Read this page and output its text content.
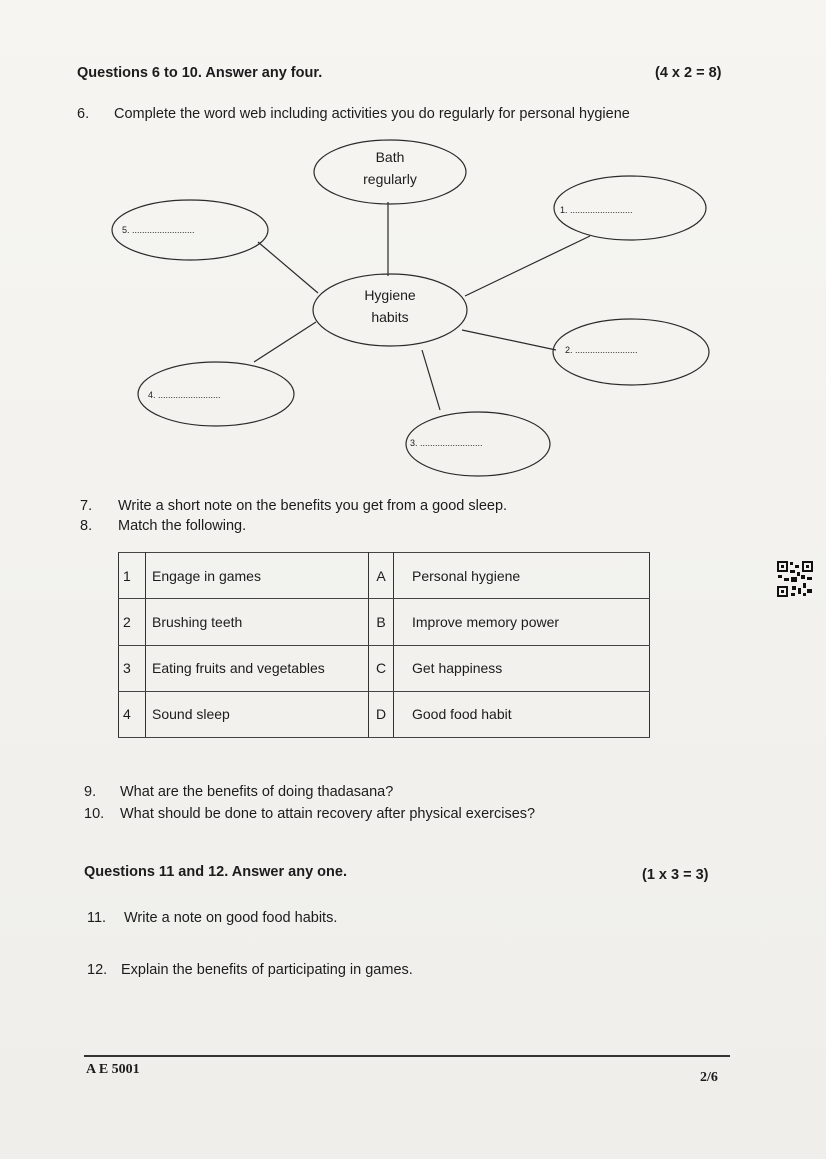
Questions 6 to 10. Answer any four.	(4 x 2 = 8)
6. Complete the word web including activities you do regularly for personal hygiene
Bath
regularly
Hygiene
habits
1. .........................
2. .........................
3. .........................
4. .........................
5. .........................
7. Write a short note on the benefits you get from a good sleep.
8. Match the following.
1	Engage in games	A	Personal hygiene
2	Brushing teeth	B	Improve memory power
3	Eating fruits and vegetables	C	Get happiness
4	Sound sleep	D	Good food habit
9. What are the benefits of doing thadasana?
10. What should be done to attain recovery after physical exercises?
Questions 11 and 12. Answer any one.	(1 x 3 = 3)
11. Write a note on good food habits.
12. Explain the benefits of participating in games.
A E 5001
2/6
